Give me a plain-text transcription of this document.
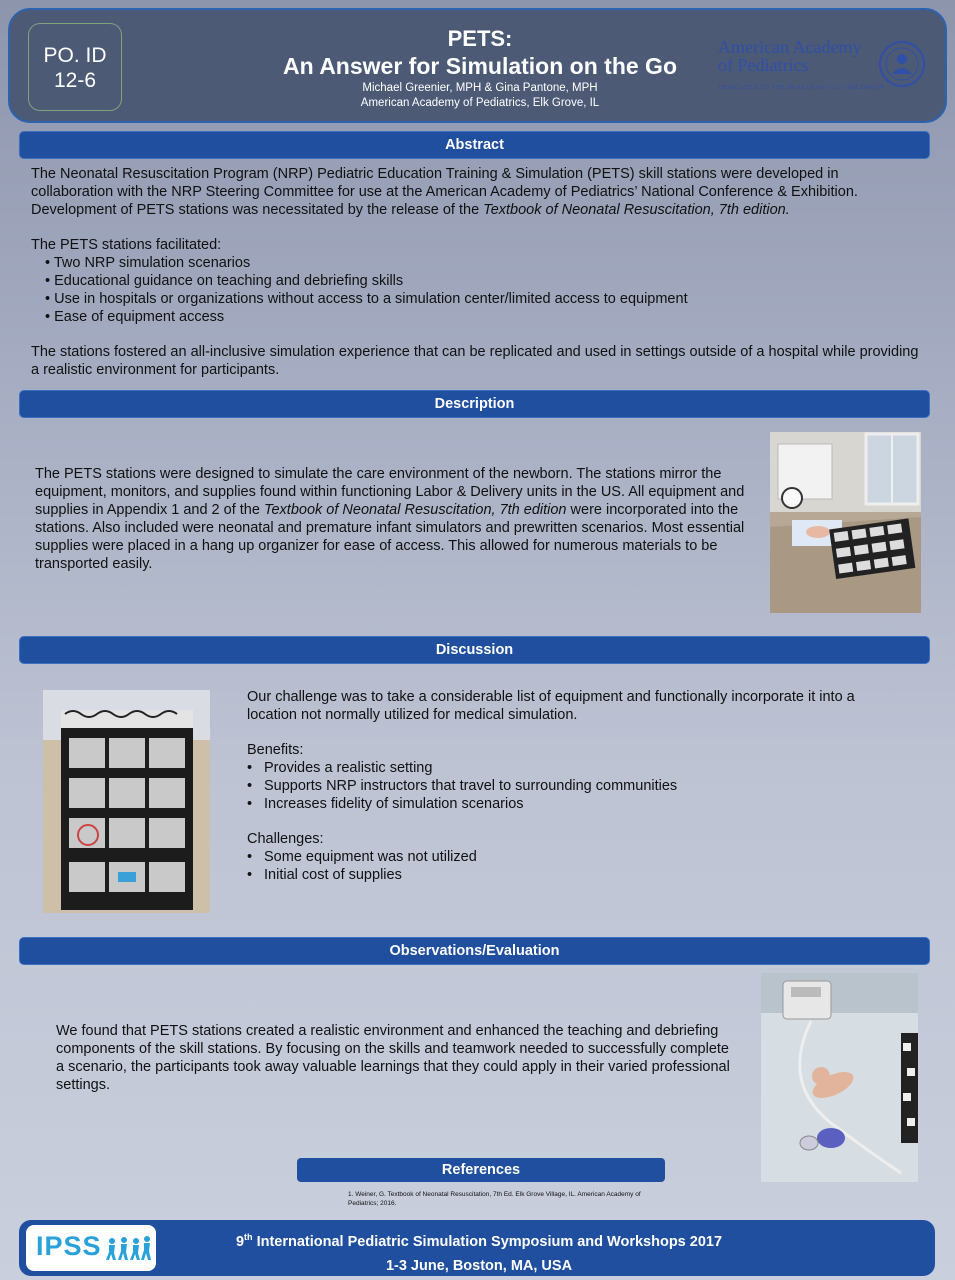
PO. ID
12-6
PETS:
An Answer for Simulation on the Go
Michael Greenier, MPH & Gina Pantone, MPH
American Academy of Pediatrics, Elk Grove, IL
American Academy
of Pediatrics
DEDICATED TO THE HEALTH OF ALL CHILDREN®
Abstract

The Neonatal Resuscitation Program (NRP) Pediatric Education Training & Simulation (PETS) skill stations were developed in collaboration with the NRP Steering Committee for use at the American Academy of Pediatrics’ National Conference & Exhibition. Development of PETS stations was necessitated by the release of the Textbook of Neonatal Resuscitation, 7th edition.

The PETS stations facilitated:

• Two NRP simulation scenarios
• Educational guidance on teaching and debriefing skills
• Use in hospitals or organizations without access to a simulation center/limited access to equipment
• Ease of equipment access

The stations fostered an all-inclusive simulation experience that can be replicated and used in settings outside of a hospital while providing a realistic environment for participants.

Description

The PETS stations were designed to simulate the care environment of the newborn. The stations mirror the equipment, monitors, and supplies found within functioning Labor & Delivery units in the US. All equipment and supplies in Appendix 1 and 2 of the Textbook of Neonatal Resuscitation, 7th edition were incorporated into the stations. Also included were neonatal and premature infant simulators and prewritten scenarios. Most essential supplies were placed in a hang up organizer for ease of access. This allowed for numerous materials to be transported easily.

Discussion

Our challenge was to take a considerable list of equipment and functionally incorporate it into a location not normally utilized for medical simulation.

Benefits:

• Provides a realistic setting
• Supports NRP instructors that travel to surrounding communities
• Increases fidelity of simulation scenarios

Challenges:

• Some equipment was not utilized
• Initial cost of supplies
Observations/Evaluation

We found that PETS stations created a realistic environment and enhanced the teaching and debriefing components of the skill stations. By focusing on the skills and teamwork needed to successfully complete a scenario, the participants took away valuable learnings that they could apply in their varied professional settings.

References
1. Weiner, G. Textbook of Neonatal Resuscitation, 7th Ed. Elk Grove Village, IL. American Academy of Pediatrics; 2016.
IPSS	9th International Pediatric Simulation Symposium and Workshops 2017
1-3 June, Boston, MA, USA
